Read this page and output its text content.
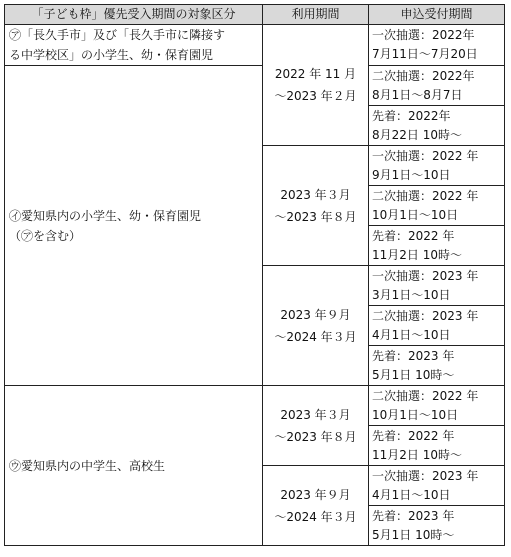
「子ども枠」優先受入期間の対象区分	利用期間	申込受付期間
㋐「長久手市」及び「長久手市に隣接す
る中学校区」の小学生、幼・保育園児	2022 年 11 月
～2023 年２月	一次抽選：2022年
7月11日～7月20日

㋑愛知県内の小学生、幼・保育園児
（㋐を含む）		二次抽選：2022年
8月1日～8月7日

		先着：2022年
8月22日 10時～

	2023 年３月
～2023 年８月	一次抽選：2022 年
9月1日～10日

		二次抽選：2022 年
10月1日～10日

		先着：2022 年
11月2日 10時～

	2023 年９月
～2024 年３月	一次抽選：2023 年
3月1日～10日

		二次抽選：2023 年
4月1日～10日

		先着：2023 年
5月1日 10時～

㋒愛知県内の中学生、高校生	2023 年３月
～2023 年８月	二次抽選：2022 年
10月1日～10日

		先着：2022 年
11月2日 10時～

	2023 年９月
～2024 年３月	一次抽選：2023 年
4月1日～10日

		先着：2023 年
5月1日 10時～
